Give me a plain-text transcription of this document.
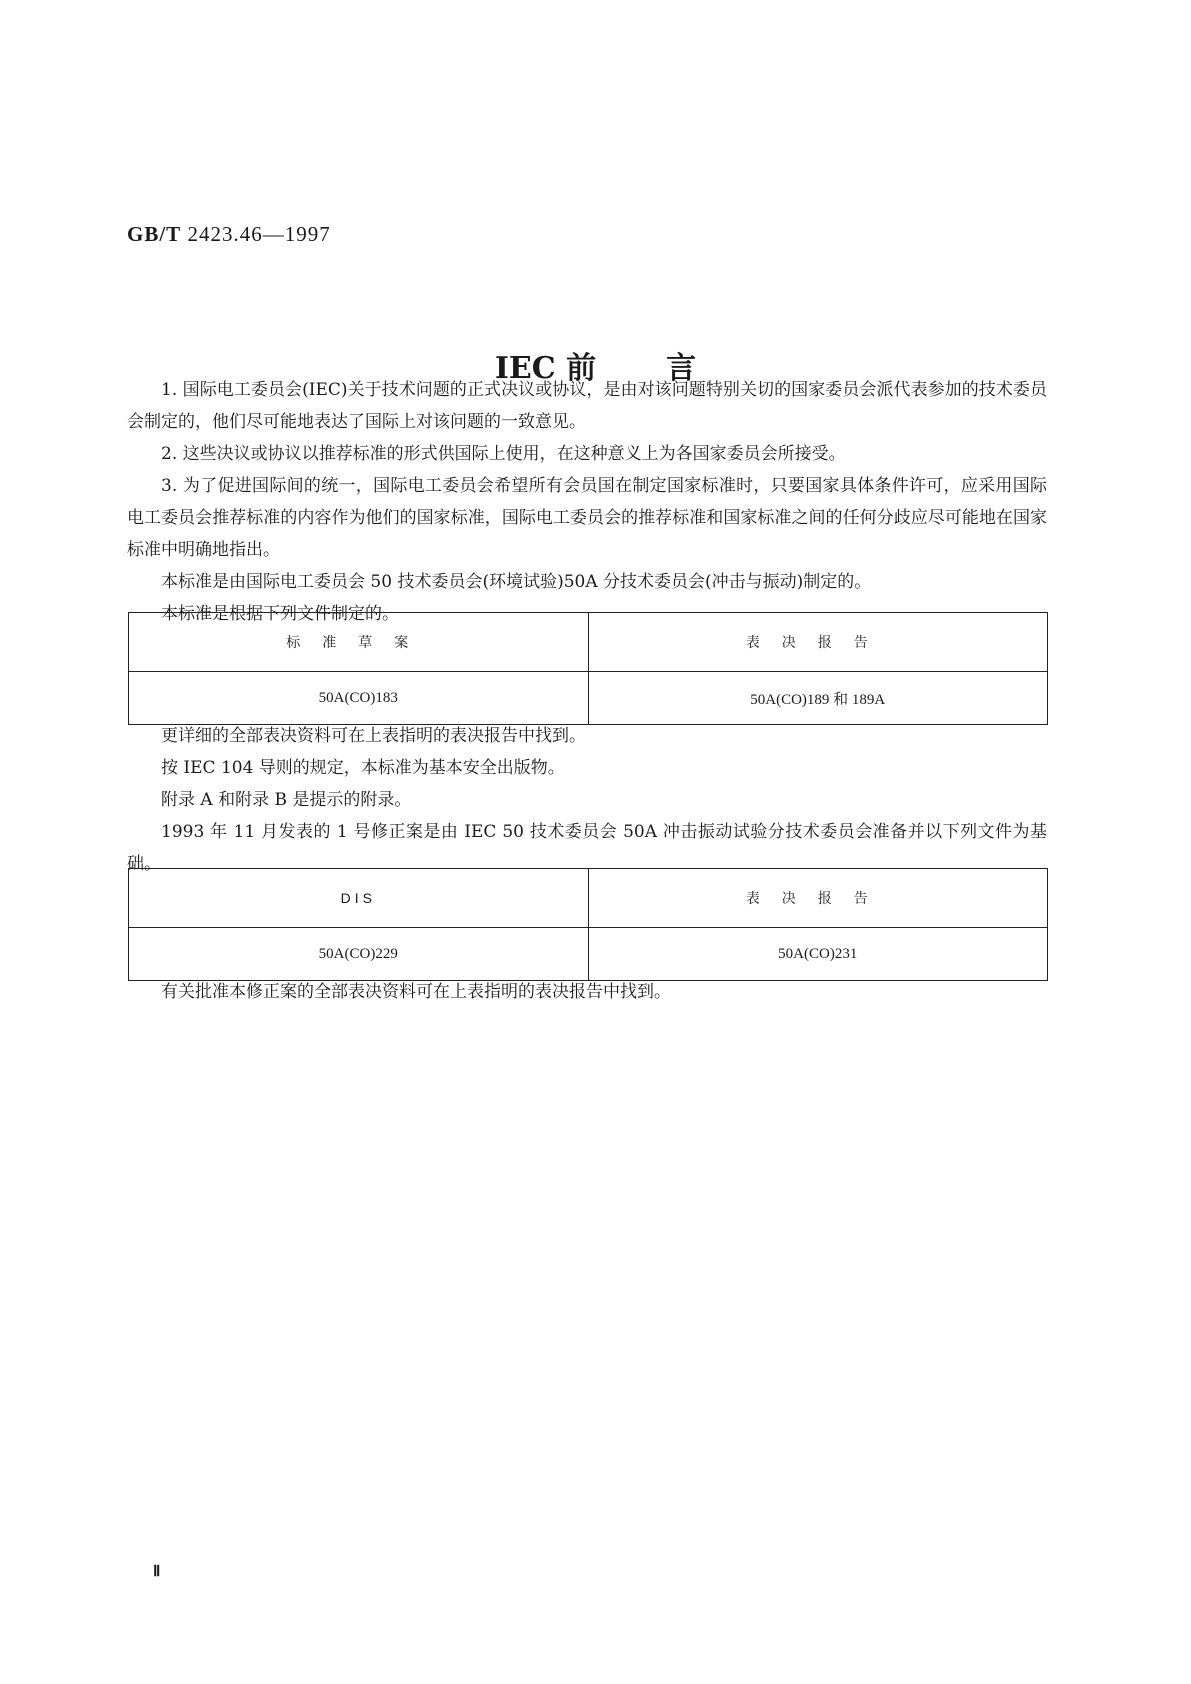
GB/T 2423.46—1997
IEC 前 言

1. 国际电工委员会(IEC)关于技术问题的正式决议或协议，是由对该问题特别关切的国家委员会派代表参加的技术委员会制定的，他们尽可能地表达了国际上对该问题的一致意见。

2. 这些决议或协议以推荐标准的形式供国际上使用，在这种意义上为各国家委员会所接受。

3. 为了促进国际间的统一，国际电工委员会希望所有会员国在制定国家标准时，只要国家具体条件许可，应采用国际电工委员会推荐标准的内容作为他们的国家标准，国际电工委员会的推荐标准和国家标准之间的任何分歧应尽可能地在国家标准中明确地指出。

本标准是由国际电工委员会 50 技术委员会(环境试验)50A 分技术委员会(冲击与振动)制定的。

本标准是根据下列文件制定的。

标准草案	表决报告
50A(CO)183	50A(CO)189 和 189A

更详细的全部表决资料可在上表指明的表决报告中找到。

按 IEC 104 导则的规定，本标准为基本安全出版物。

附录 A 和附录 B 是提示的附录。

1993 年 11 月发表的 1 号修正案是由 IEC 50 技术委员会 50A 冲击振动试验分技术委员会准备并以下列文件为基础。

DIS	表决报告
50A(CO)229	50A(CO)231

有关批准本修正案的全部表决资料可在上表指明的表决报告中找到。

Ⅱ
